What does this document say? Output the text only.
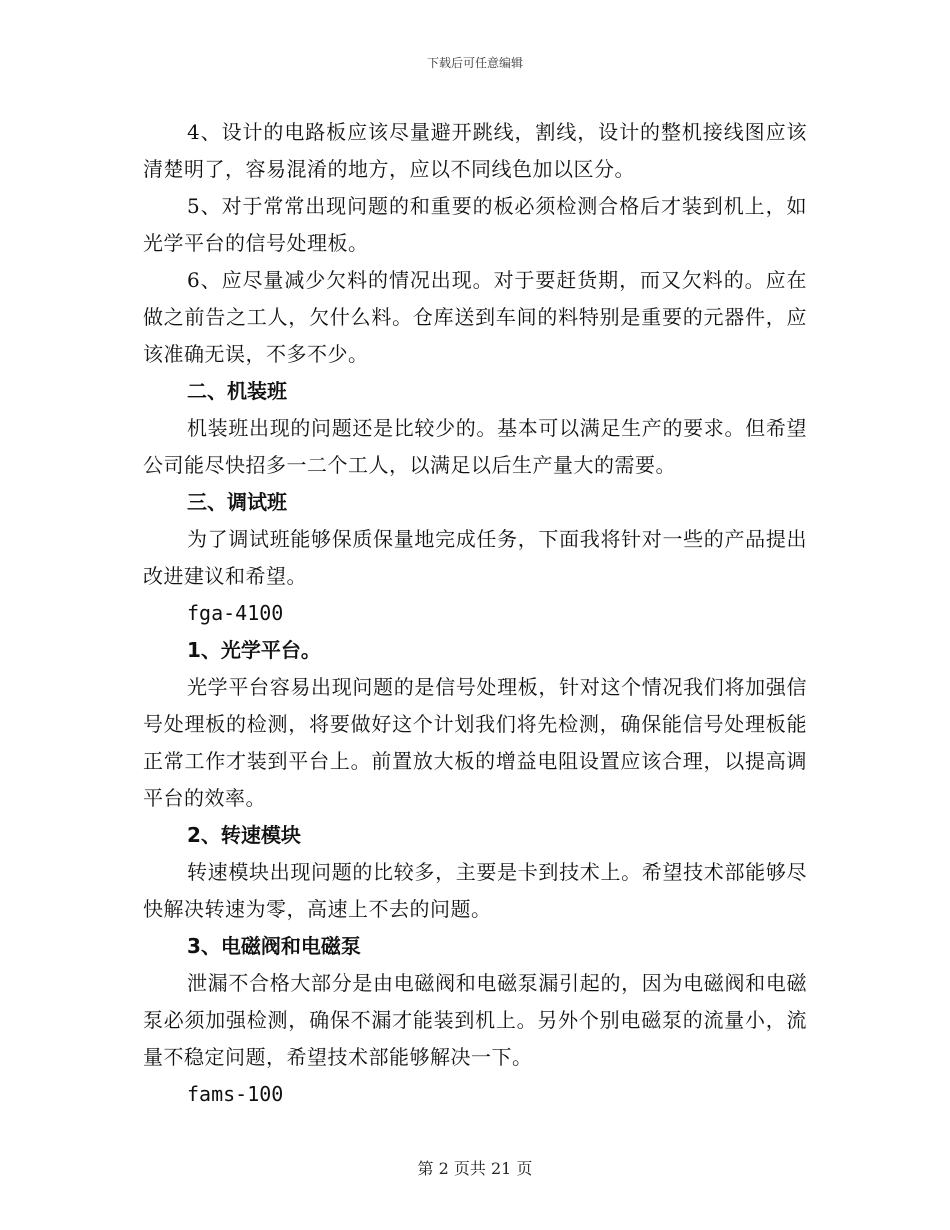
下载后可任意编辑

4、设计的电路板应该尽量避开跳线，割线，设计的整机接线图应该清楚明了，容易混淆的地方，应以不同线色加以区分。

5、对于常常出现问题的和重要的板必须检测合格后才装到机上，如光学平台的信号处理板。

6、应尽量减少欠料的情况出现。对于要赶货期，而又欠料的。应在做之前告之工人，欠什么料。仓库送到车间的料特别是重要的元器件，应该准确无误，不多不少。

二、机装班

机装班出现的问题还是比较少的。基本可以满足生产的要求。但希望公司能尽快招多一二个工人，以满足以后生产量大的需要。

三、调试班

为了调试班能够保质保量地完成任务，下面我将针对一些的产品提出改进建议和希望。

fga-4100

1、光学平台。

光学平台容易出现问题的是信号处理板，针对这个情况我们将加强信号处理板的检测，将要做好这个计划我们将先检测，确保能信号处理板能正常工作才装到平台上。前置放大板的增益电阻设置应该合理，以提高调平台的效率。

2、转速模块

转速模块出现问题的比较多，主要是卡到技术上。希望技术部能够尽快解决转速为零，高速上不去的问题。

3、电磁阀和电磁泵

泄漏不合格大部分是由电磁阀和电磁泵漏引起的，因为电磁阀和电磁泵必须加强检测，确保不漏才能装到机上。另外个别电磁泵的流量小，流量不稳定问题，希望技术部能够解决一下。

fams-100

第 2 页共 21 页
